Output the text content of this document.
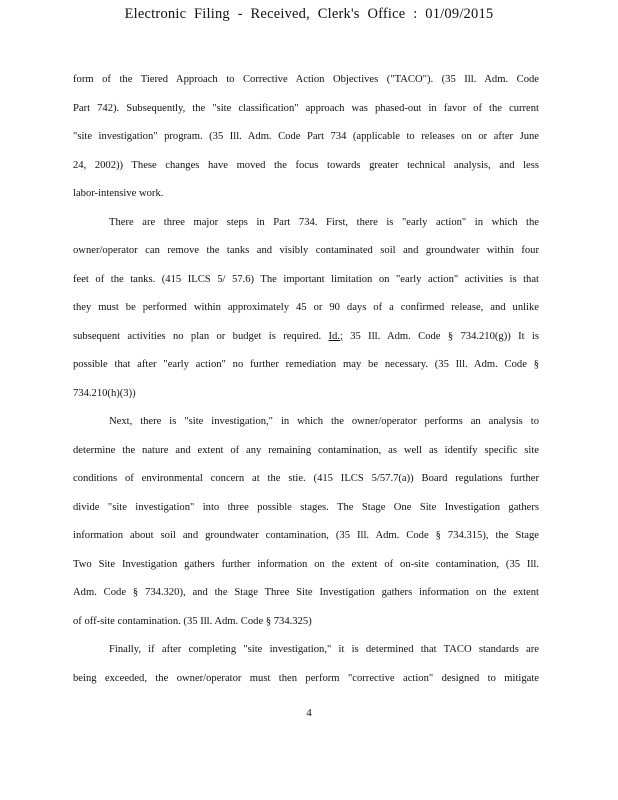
Electronic Filing - Received, Clerk's Office : 01/09/2015
form of the Tiered Approach to Corrective Action Objectives ("TACO"). (35 Ill. Adm. Code
Part 742). Subsequently, the "site classification" approach was phased-out in favor of the current
"site investigation" program. (35 Ill. Adm. Code Part 734 (applicable to releases on or after June
24, 2002)) These changes have moved the focus towards greater technical analysis, and less
labor-intensive work.
There are three major steps in Part 734. First, there is "early action" in which the
owner/operator can remove the tanks and visibly contaminated soil and groundwater within four
feet of the tanks. (415 ILCS 5/ 57.6) The important limitation on "early action" activities is that
they must be performed within approximately 45 or 90 days of a confirmed release, and unlike
subsequent activities no plan or budget is required. Id.; 35 Ill. Adm. Code § 734.210(g)) It is
possible that after "early action" no further remediation may be necessary. (35 Ill. Adm. Code §
734.210(h)(3))
Next, there is "site investigation," in which the owner/operator performs an analysis to
determine the nature and extent of any remaining contamination, as well as identify specific site
conditions of environmental concern at the stie. (415 ILCS 5/57.7(a)) Board regulations further
divide "site investigation" into three possible stages. The Stage One Site Investigation gathers
information about soil and groundwater contamination, (35 Ill. Adm. Code § 734.315), the Stage
Two Site Investigation gathers further information on the extent of on-site contamination, (35 Ill.
Adm. Code § 734.320), and the Stage Three Site Investigation gathers information on the extent
of off-site contamination. (35 Ill. Adm. Code § 734.325)
Finally, if after completing "site investigation," it is determined that TACO standards are
being exceeded, the owner/operator must then perform "corrective action" designed to mitigate
4
